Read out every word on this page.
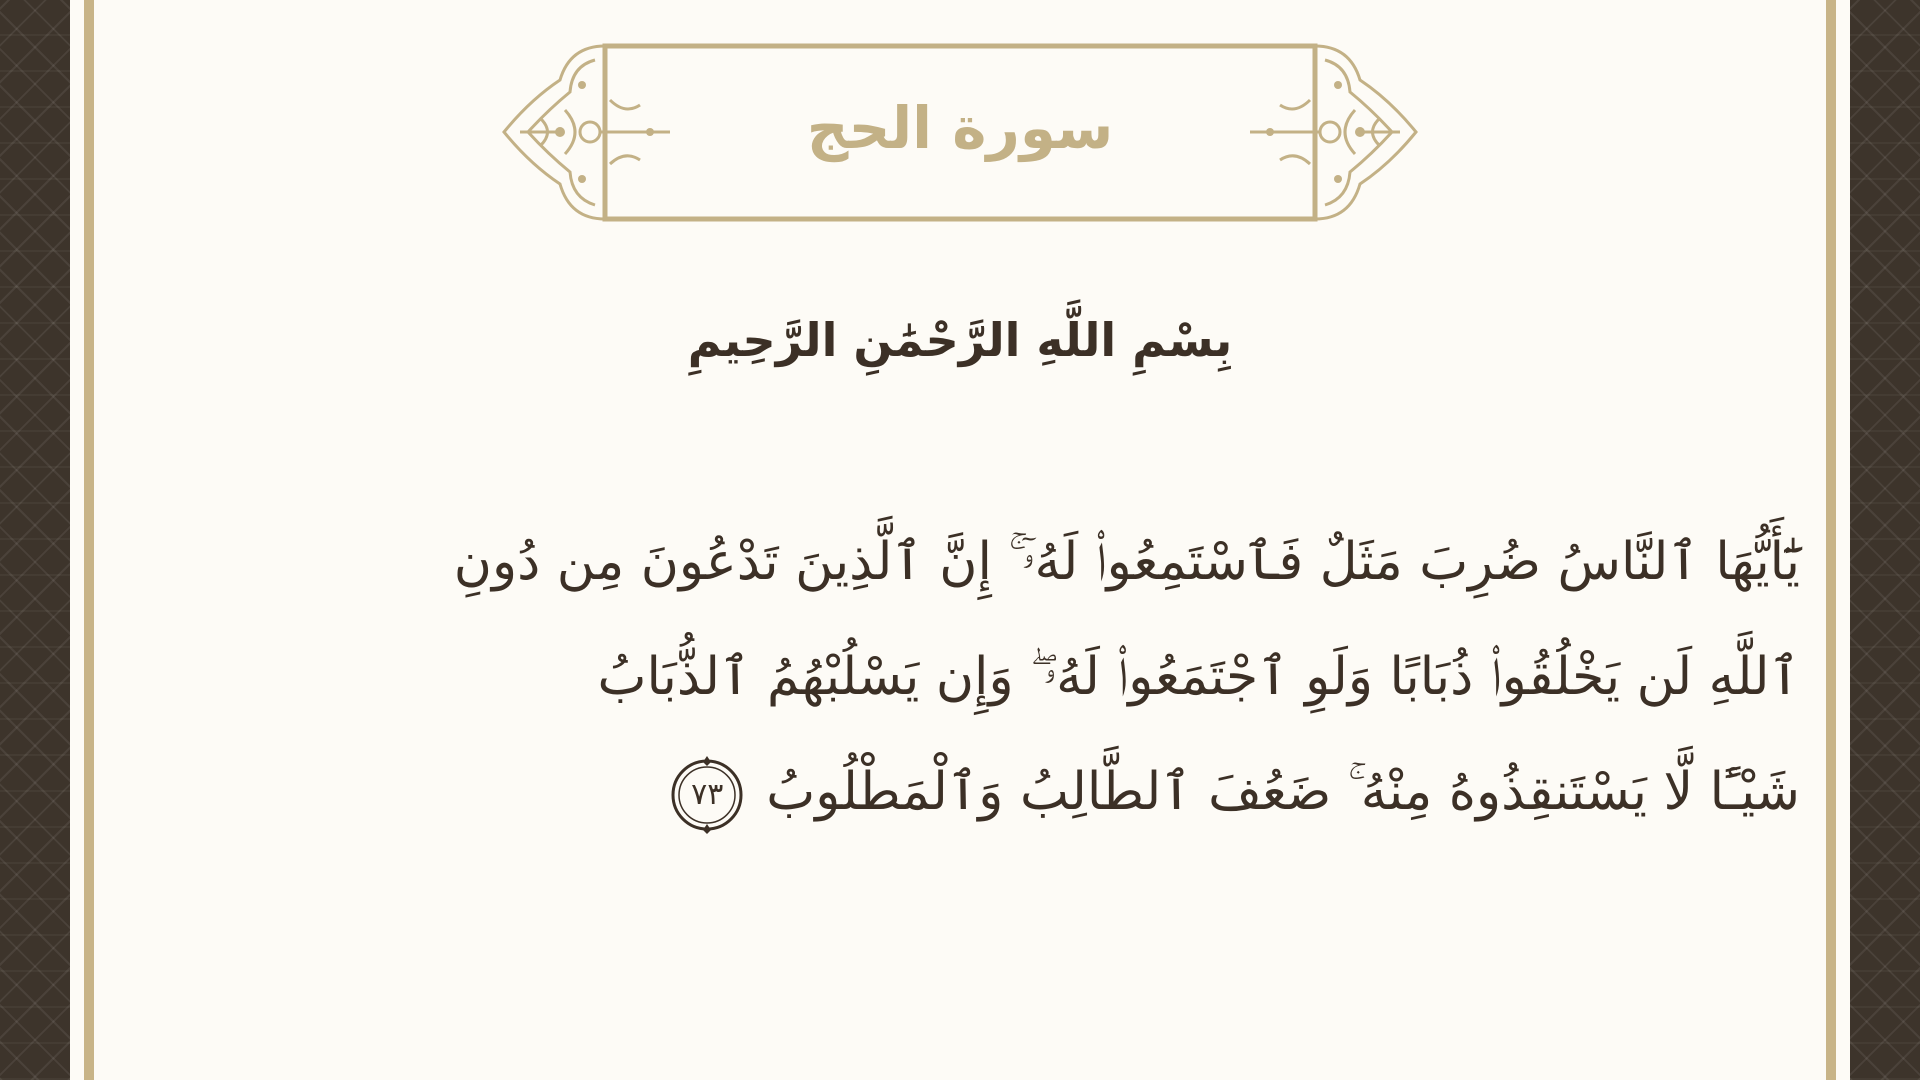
سورة الحج
بِسْمِ اللَّهِ الرَّحْمَٰنِ الرَّحِيمِ
يَٰٓأَيُّهَا ٱلنَّاسُ ضُرِبَ مَثَلٌ فَٱسْتَمِعُوا۟ لَهُۥٓ ۚ إِنَّ ٱلَّذِينَ تَدْعُونَ مِن دُونِ
ٱللَّهِ لَن يَخْلُقُوا۟ ذُبَابًا وَلَوِ ٱجْتَمَعُوا۟ لَهُۥ ۖ وَإِن يَسْلُبْهُمُ ٱلذُّبَابُ
شَيْـًٔا لَّا يَسْتَنقِذُوهُ مِنْهُ ۚ ضَعُفَ ٱلطَّالِبُ وَٱلْمَطْلُوبُ
٧٣
